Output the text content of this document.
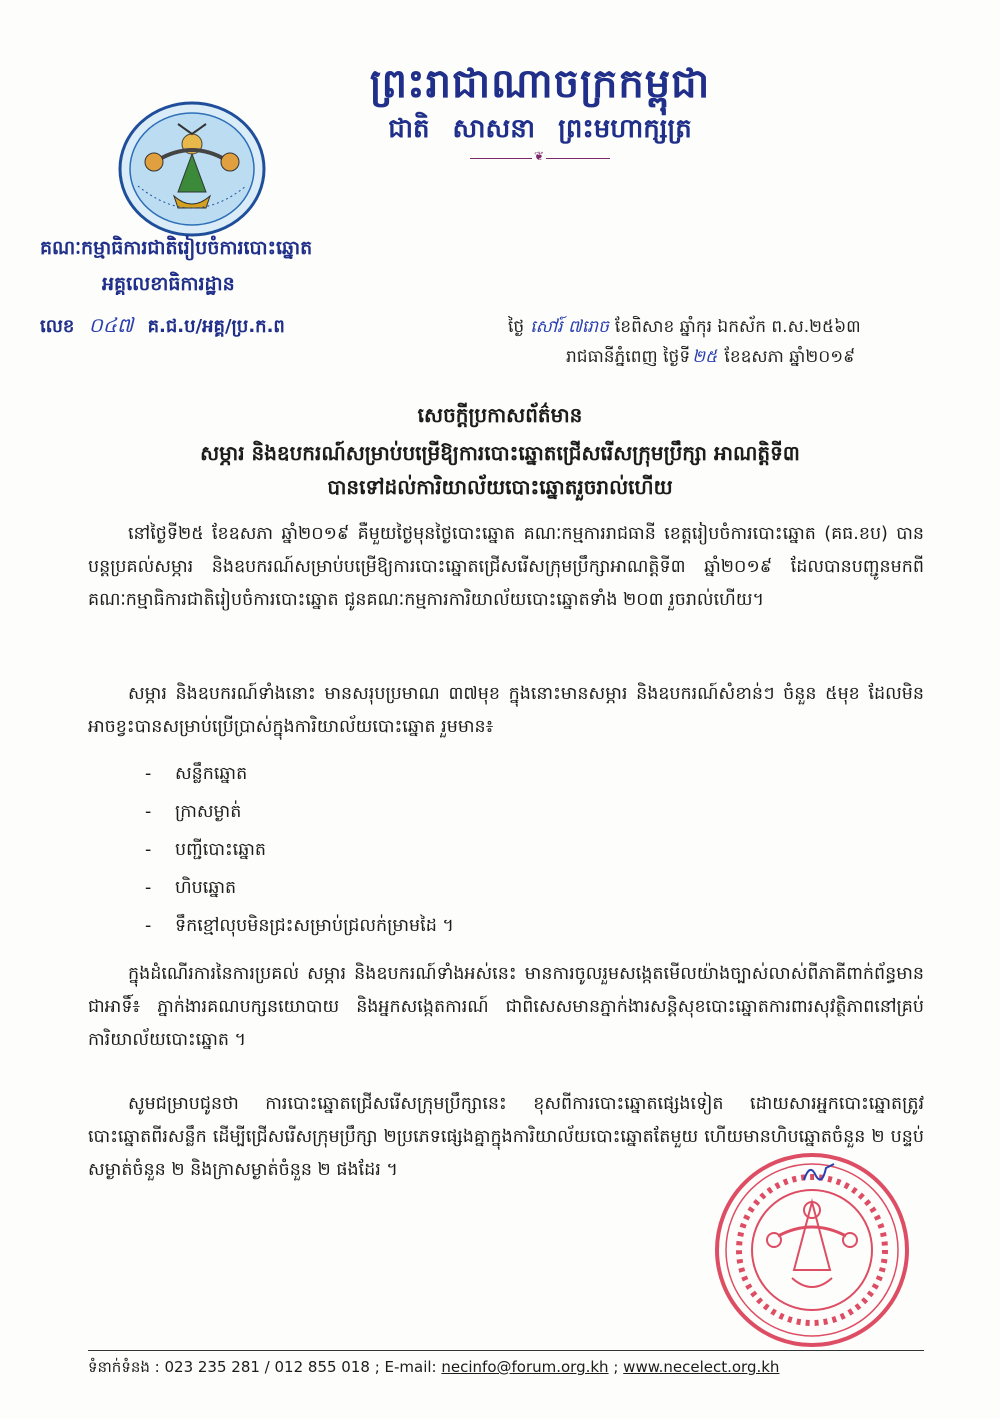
ព្រះរាជាណាចក្រកម្ពុជា
ជាតិ សាសនា ព្រះមហាក្សត្រ
❦
គណៈកម្មាធិការជាតិរៀបចំការបោះឆ្នោត
អគ្គលេខាធិការដ្ឋាន
លេខ ០៤៧ គ.ជ.ប/អគ្គ/ប្រ.ក.ព	ថ្ងៃ សៅរ៍ ៧រោច ខែពិសាខ ឆ្នាំកុរ ឯកស័ក ព.ស.២៥៦៣
រាជធានីភ្នំពេញ ថ្ងៃទី ២៥ ខែឧសភា ឆ្នាំ២០១៩
សេចក្តីប្រកាសព័ត៌មាន
សម្ភារ និងឧបករណ៍សម្រាប់បម្រើឱ្យការបោះឆ្នោតជ្រើសរើសក្រុមប្រឹក្សា អាណត្តិទី៣
បានទៅដល់ការិយាល័យបោះឆ្នោតរួចរាល់ហើយ
នៅថ្ងៃទី២៥ ខែឧសភា ឆ្នាំ២០១៩ គឺមួយថ្ងៃមុនថ្ងៃបោះឆ្នោត គណៈកម្មការរាជធានី ខេត្តរៀបចំការបោះឆ្នោត (គធ.ខប) បានបន្តប្រគល់សម្ភារ និងឧបករណ៍សម្រាប់បម្រើឱ្យការបោះឆ្នោតជ្រើសរើសក្រុមប្រឹក្សាអាណត្តិទី៣ ឆ្នាំ២០១៩ ដែលបានបញ្ជូនមកពីគណៈកម្មាធិការជាតិរៀបចំការបោះឆ្នោត ជូនគណៈកម្មការការិយាល័យបោះឆ្នោតទាំង ២០៣ រួចរាល់ហើយ។
សម្ភារ និងឧបករណ៍ទាំងនោះ មានសរុបប្រមាណ ៣៧មុខ ក្នុងនោះមានសម្ភារ និងឧបករណ៍សំខាន់ៗ ចំនួន ៥មុខ ដែលមិនអាចខ្វះបានសម្រាប់ប្រើប្រាស់ក្នុងការិយាល័យបោះឆ្នោត រួមមាន៖
- សន្លឹកឆ្នោត
- ក្រាសម្ងាត់
- បញ្ជីបោះឆ្នោត
- ហិបឆ្នោត
- ទឹកខ្មៅលុបមិនជ្រះសម្រាប់ជ្រលក់ម្រាមដៃ ។
ក្នុងដំណើរការនៃការប្រគល់ សម្ភារ និងឧបករណ៍ទាំងអស់នេះ មានការចូលរួមសង្កេតមើលយ៉ាងច្បាស់លាស់ពីភាគីពាក់ព័ន្ធមានជាអាទិ៍៖ ភ្នាក់ងារគណបក្សនយោបាយ និងអ្នកសង្កេតការណ៍ ជាពិសេសមានភ្នាក់ងារសន្តិសុខបោះឆ្នោតការពារសុវត្ថិភាពនៅគ្រប់ការិយាល័យបោះឆ្នោត ។
សូមជម្រាបជូនថា ការបោះឆ្នោតជ្រើសរើសក្រុមប្រឹក្សានេះ ខុសពីការបោះឆ្នោតផ្សេងទៀត ដោយសារអ្នកបោះឆ្នោតត្រូវបោះឆ្នោតពីរសន្លឹក ដើម្បីជ្រើសរើសក្រុមប្រឹក្សា ២ប្រភេទផ្សេងគ្នាក្នុងការិយាល័យបោះឆ្នោតតែមួយ ហើយមានហិបឆ្នោតចំនួន ២ បន្ទប់សម្ងាត់ចំនួន ២ និងក្រាសម្ងាត់ចំនួន ២ ផងដែរ ។
ទំនាក់ទំនង : 023 235 281 / 012 855 018 ; E-mail: necinfo@forum.org.kh ; www.necelect.org.kh
